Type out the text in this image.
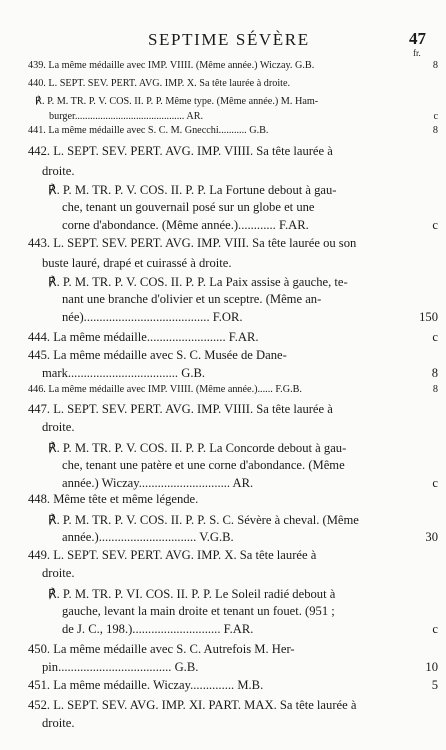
SEPTIME SÉVÈRE	47
fr.
439. La même médaille avec IMP. VIIII. (Même année.) Wiczay. G.B.	8
440. L. SEPT. SEV. PERT. AVG. IMP. X. Sa tête laurée à droite.
℟. P. M. TR. P. V. COS. II. P. P. Même type. (Même année.) M. Ham-
burger........................................... AR.	c
441. La même médaille avec S. C. M. Gnecchi........... G.B.	8
442. L. SEPT. SEV. PERT. AVG. IMP. VIIII. Sa tête laurée à
droite.
℟. P. M. TR. P. V. COS. II. P. P. La Fortune debout à gau-
che, tenant un gouvernail posé sur un globe et une
corne d'abondance. (Même année.)............ F.AR.	c
443. L. SEPT. SEV. PERT. AVG. IMP. VIII. Sa tête laurée ou son
buste lauré, drapé et cuirassé à droite.
℟. P. M. TR. P. V. COS. II. P. P. La Paix assise à gauche, te-
nant une branche d'olivier et un sceptre. (Même an-
née)........................................ F.OR.	150
444. La même médaille......................... F.AR.	c
445. La même médaille avec S. C. Musée de Dane-
mark................................... G.B.	8
446. La même médaille avec IMP. VIIII. (Même année.)...... F.G.B.	8
447. L. SEPT. SEV. PERT. AVG. IMP. VIIII. Sa tête laurée à
droite.
℟. P. M. TR. P. V. COS. II. P. P. La Concorde debout à gau-
che, tenant une patère et une corne d'abondance. (Même
année.) Wiczay............................. AR.	c
448. Même tête et même légende.
℟. P. M. TR. P. V. COS. II. P. P. S. C. Sévère à cheval. (Même
année.)............................... V.G.B.	30
449. L. SEPT. SEV. PERT. AVG. IMP. X. Sa tête laurée à
droite.
℟. P. M. TR. P. VI. COS. II. P. P. Le Soleil radié debout à
gauche, levant la main droite et tenant un fouet. (951 ;
de J. C., 198.)............................ F.AR.	c
450. La même médaille avec S. C. Autrefois M. Her-
pin.................................... G.B.	10
451. La même médaille. Wiczay.............. M.B.	5
452. L. SEPT. SEV. AVG. IMP. XI. PART. MAX. Sa tête laurée à
droite.
